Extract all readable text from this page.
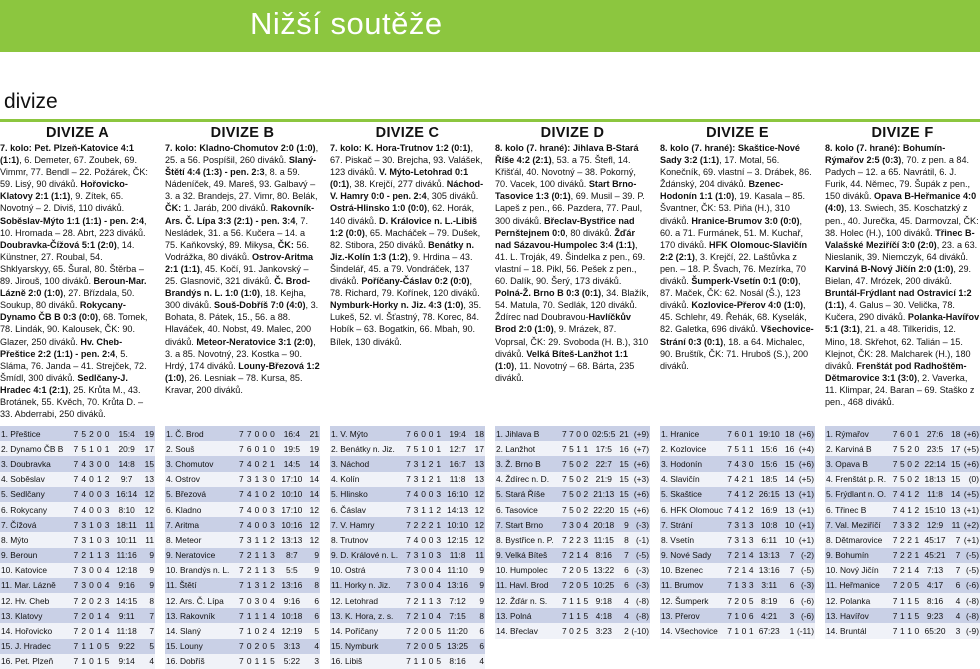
Nižší soutěže
divize
DIVIZE A
7. kolo: Pet. Plzeň-Katovice 4:1 (1:1), 6. Demeter, 67. Zoubek, 69. Vimmr, 77. Bendl – 22. Požárek, ČK: 59. Lisý, 90 diváků. Hořovicko-Klatovy 2:1 (1:1), 9. Zítek, 65. Novotný – 2. Diviš, 110 diváků. Soběslav-Mýto 1:1 (1:1) - pen. 2:4, 10. Hromada – 28. Abrt, 223 diváků. Doubravka-Čížová 5:1 (2:0), 14. Künstner, 27. Roubal, 54. Shklyarskyy, 65. Šural, 80. Štěrba – 89. Jirouš, 100 diváků. Beroun-Mar. Lázně 2:0 (1:0), 27. Břízdala, 50. Soukup, 80 diváků. Rokycany-Dynamo ČB B 0:3 (0:0), 68. Tomek, 78. Lindák, 90. Kalousek, ČK: 90. Glazer, 250 diváků. Hv. Cheb-Přeštice 2:2 (1:1) - pen. 2:4, 5. Sláma, 76. Janda – 41. Strejček, 72. Šmídl, 300 diváků. Sedlčany-J. Hradec 4:1 (2:1), 25. Krůta M., 43. Brotánek, 55. Kvěch, 70. Krůta D. – 33. Abderrabi, 250 diváků.
1. Přeštice	7	5	2	0	0	15:4	19
2. Dynamo ČB B	7	5	1	0	1	20:9	17
3. Doubravka	7	4	3	0	0	14:8	15
4. Soběslav	7	4	0	1	2	9:7	13
5. Sedlčany	7	4	0	0	3	16:14	12
6. Rokycany	7	4	0	0	3	8:10	12
7. Čížová	7	3	1	0	3	18:11	11
8. Mýto	7	3	1	0	3	10:11	11
9. Beroun	7	2	1	1	3	11:16	9
10. Katovice	7	3	0	0	4	12:18	9
11. Mar. Lázně	7	3	0	0	4	9:16	9
12. Hv. Cheb	7	2	0	2	3	14:15	8
13. Klatovy	7	2	0	1	4	9:11	7
14. Hořovicko	7	2	0	1	4	11:18	7
15. J. Hradec	7	1	1	0	5	9:22	5
16. Pet. Plzeň	7	1	0	1	5	9:14	4
DIVIZE B
7. kolo: Kladno-Chomutov 2:0 (1:0), 25. a 56. Pospíšil, 260 diváků. Slaný-Štětí 4:4 (1:3) - pen. 2:3, 8. a 59. Nádeníček, 49. Mareš, 93. Galbavý – 3. a 32. Brandejs, 27. Vimr, 80. Belák, ČK: 1. Jaráb, 200 diváků. Rakovník-Ars. Č. Lípa 3:3 (2:1) - pen. 3:4, 7. Nesládek, 31. a 56. Kučera – 14. a 75. Kaňkovský, 89. Mikysa, ČK: 56. Vodrážka, 80 diváků. Ostrov-Aritma 2:1 (1:1), 45. Kočí, 91. Jankovský – 25. Glasnovič, 321 diváků. Č. Brod-Brandýs n. L. 1:0 (1:0), 18. Kejha, 300 diváků. Souš-Dobříš 7:0 (4:0), 3. Bohata, 8. Pátek, 15., 56. a 88. Hlaváček, 40. Nobst, 49. Malec, 200 diváků. Meteor-Neratovice 3:1 (2:0), 3. a 85. Novotný, 23. Kostka – 90. Hrdý, 174 diváků. Louny-Březová 1:2 (1:0), 26. Lesniak – 78. Kursa, 85. Kravar, 200 diváků.
1. Č. Brod	7	7	0	0	0	16:4	21
2. Souš	7	6	0	1	0	19:5	19
3. Chomutov	7	4	0	2	1	14:5	14
4. Ostrov	7	3	1	3	0	17:10	14
5. Březová	7	4	1	0	2	10:10	14
6. Kladno	7	4	0	0	3	17:10	12
7. Aritma	7	4	0	0	3	10:16	12
8. Meteor	7	3	1	1	2	13:13	12
9. Neratovice	7	2	1	1	3	8:7	9
10. Brandýs n. L.	7	2	1	1	3	5:5	9
11. Štětí	7	1	3	1	2	13:16	8
12. Ars. Č. Lípa	7	0	3	0	4	9:16	6
13. Rakovník	7	1	1	1	4	10:18	6
14. Slaný	7	1	0	2	4	12:19	5
15. Louny	7	0	2	0	5	3:13	4
16. Dobříš	7	0	1	1	5	5:22	3
DIVIZE C
7. kolo: K. Hora-Trutnov 1:2 (0:1), 67. Piskač – 30. Brejcha, 93. Valášek, 123 diváků. V. Mýto-Letohrad 0:1 (0:1), 38. Krejčí, 277 diváků. Náchod-V. Hamry 0:0 - pen. 2:4, 305 diváků. Ostrá-Hlinsko 1:0 (0:0), 62. Horák, 140 diváků. D. Královice n. L.-Libiš 1:2 (0:0), 65. Macháček – 79. Dušek, 82. Stibora, 250 diváků. Benátky n. Jiz.-Kolín 1:3 (1:2), 9. Hrdina – 43. Šindelář, 45. a 79. Vondráček, 137 diváků. Poříčany-Čáslav 0:2 (0:0), 78. Richard, 79. Kořínek, 120 diváků. Nymburk-Horky n. Jiz. 4:3 (1:0), 35. Lukeš, 52. vl. Šťastný, 78. Korec, 84. Hobík – 63. Bogatkin, 66. Mbah, 90. Bílek, 130 diváků.
1. V. Mýto	7	6	0	0	1	19:4	18
2. Benátky n. Jiz.	7	5	1	0	1	12:7	17
3. Náchod	7	3	1	2	1	16:7	13
4. Kolín	7	3	1	2	1	11:8	13
5. Hlinsko	7	4	0	0	3	16:10	12
6. Čáslav	7	3	1	1	2	14:13	12
7. V. Hamry	7	2	2	2	1	10:10	12
8. Trutnov	7	4	0	0	3	12:15	12
9. D. Králové n. L.	7	3	1	0	3	11:8	11
10. Ostrá	7	3	0	0	4	11:10	9
11. Horky n. Jiz.	7	3	0	0	4	13:16	9
12. Letohrad	7	2	1	1	3	7:12	9
13. K. Hora, z. s.	7	2	1	0	4	7:15	8
14. Poříčany	7	2	0	0	5	11:20	6
15. Nymburk	7	2	0	0	5	13:25	6
16. Libiš	7	1	1	0	5	8:16	4
DIVIZE D
8. kolo (7. hrané): Jihlava B-Stará Říše 4:2 (2:1), 53. a 75. Štefl, 14. Křišťál, 40. Novotný – 38. Pokorný, 70. Vacek, 100 diváků. Start Brno-Tasovice 1:3 (0:1), 69. Musil – 39. P. Lapeš z pen., 66. Pazdera, 77. Paul, 300 diváků. Břeclav-Bystřice nad Pernštejnem 0:0, 80 diváků. Žďár nad Sázavou-Humpolec 3:4 (1:1), 41. L. Troják, 49. Šindelka z pen., 69. vlastní – 18. Pikl, 56. Pešek z pen., 60. Dalík, 90. Šerý, 173 diváků. Polná-Ž. Brno B 0:3 (0:1), 34. Blažík, 54. Matula, 70. Sedlák, 120 diváků. Ždírec nad Doubravou-Havlíčkův Brod 2:0 (1:0), 9. Mrázek, 87. Voprsal, ČK: 29. Svoboda (H. B.), 310 diváků. Velká Bíteš-Lanžhot 1:1 (1:0), 11. Novotný – 68. Bárta, 235 diváků.
1. Jihlava B	7	7	0	0	02:5:5	21	(+9)
2. Lanžhot	7	5	1	1	17:5	16	(+7)
3. Ž. Brno B	7	5	0	2	22:7	15	(+6)
4. Ždírec n. D.	7	5	0	2	21:9	15	(+3)
5. Stará Říše	7	5	0	2	21:13	15	(+6)
6. Tasovice	7	5	0	2	22:20	15	(+6)
7. Start Brno	7	3	0	4	20:18	9	(-3)
8. Bystřice n. P.	7	2	2	3	11:15	8	(-1)
9. Velká Bíteš	7	2	1	4	8:16	7	(-5)
10. Humpolec	7	2	0	5	13:22	6	(-3)
11. Havl. Brod	7	2	0	5	10:25	6	(-3)
12. Žďár n. S.	7	1	1	5	9:18	4	(-8)
13. Polná	7	1	1	5	4:18	4	(-8)
14. Břeclav	7	0	2	5	3:23	2	(-10)
DIVIZE E
8. kolo (7. hrané): Skaštice-Nové Sady 3:2 (1:1), 17. Motal, 56. Konečník, 69. vlastní – 3. Drábek, 86. Ždánský, 204 diváků. Bzenec-Hodonín 1:1 (1:0), 19. Kasala – 85. Švantner, ČK: 53. Piňa (H.), 310 diváků. Hranice-Brumov 3:0 (0:0), 60. a 71. Furmánek, 51. M. Kuchař, 170 diváků. HFK Olomouc-Slavičín 2:2 (2:1), 3. Krejčí, 22. Laštůvka z pen. – 18. P. Švach, 76. Mezírka, 70 diváků. Šumperk-Vsetín 0:1 (0:0), 87. Maček, ČK: 62. Nosál (Š.), 123 diváků. Kozlovice-Přerov 4:0 (1:0), 45. Schlehr, 49. Řehák, 68. Kyselák, 82. Galetka, 696 diváků. Všechovice-Strání 0:3 (0:1), 18. a 64. Michalec, 90. Bruštík, ČK: 71. Hruboš (S.), 200 diváků.
1. Hranice	7	6	0	1	19:10	18	(+6)
2. Kozlovice	7	5	1	1	15:6	16	(+4)
3. Hodonín	7	4	3	0	15:6	15	(+6)
4. Slavičín	7	4	2	1	18:5	14	(+5)
5. Skaštice	7	4	1	2	26:15	13	(+1)
6. HFK Olomouc	7	4	1	2	16:9	13	(+1)
7. Strání	7	3	1	3	10:8	10	(+1)
8. Vsetín	7	3	1	3	6:11	10	(+1)
9. Nové Sady	7	2	1	4	13:13	7	(-2)
10. Bzenec	7	2	1	4	13:16	7	(-5)
11. Brumov	7	1	3	3	3:11	6	(-3)
12. Šumperk	7	2	0	5	8:19	6	(-6)
13. Přerov	7	1	0	6	4:21	3	(-6)
14. Všechovice	7	1	0	1	67:23	1	(-11)
DIVIZE F
8. kolo (7. hrané): Bohumín-Rýmařov 2:5 (0:3), 70. z pen. a 84. Padych – 12. a 65. Navrátil, 6. J. Furik, 44. Němec, 79. Šupák z pen., 150 diváků. Opava B-Heřmanice 4:0 (4:0), 13. Swiech, 35. Koschatzký z pen., 40. Jurečka, 45. Darmovzal, ČK: 38. Holec (H.), 100 diváků. Třinec B-Valašské Meziříčí 3:0 (2:0), 23. a 63. Nieslanik, 39. Niemczyk, 64 diváků. Karviná B-Nový Jičín 2:0 (1:0), 29. Bielan, 47. Mrózek, 200 diváků. Bruntál-Frýdlant nad Ostravicí 1:2 (1:1), 4. Galus – 30. Velička, 78. Kučera, 290 diváků. Polanka-Havířov 5:1 (3:1), 21. a 48. Tilkeridis, 12. Mino, 18. Skřehot, 62. Talián – 15. Klejnot, ČK: 28. Malcharek (H.), 180 diváků. Frenštát pod Radhoštěm-Dětmarovice 3:1 (3:0), 2. Vaverka, 11. Klimpar, 24. Baran – 69. Staško z pen., 468 diváků.
1. Rýmařov	7	6	0	1	27:6	18	(+6)
2. Karviná B	7	5	2	0	23:5	17	(+5)
3. Opava B	7	5	0	2	22:14	15	(+6)
4. Frenštát p. R.	7	5	0	2	18:13	15	(0)
5. Frýdlant n. O.	7	4	1	2	11:8	14	(+5)
6. Třinec B	7	4	1	2	15:10	13	(+1)
7. Val. Meziříčí	7	3	3	2	12:9	11	(+2)
8. Dětmarovice	7	2	2	1	45:17	7	(+1)
9. Bohumín	7	2	2	1	45:21	7	(-5)
10. Nový Jičín	7	2	1	4	7:13	7	(-5)
11. Heřmanice	7	2	0	5	4:17	6	(-6)
12. Polanka	7	1	1	5	8:16	4	(-8)
13. Havířov	7	1	1	5	9:23	4	(-8)
14. Bruntál	7	1	1	0	65:20	3	(-9)
